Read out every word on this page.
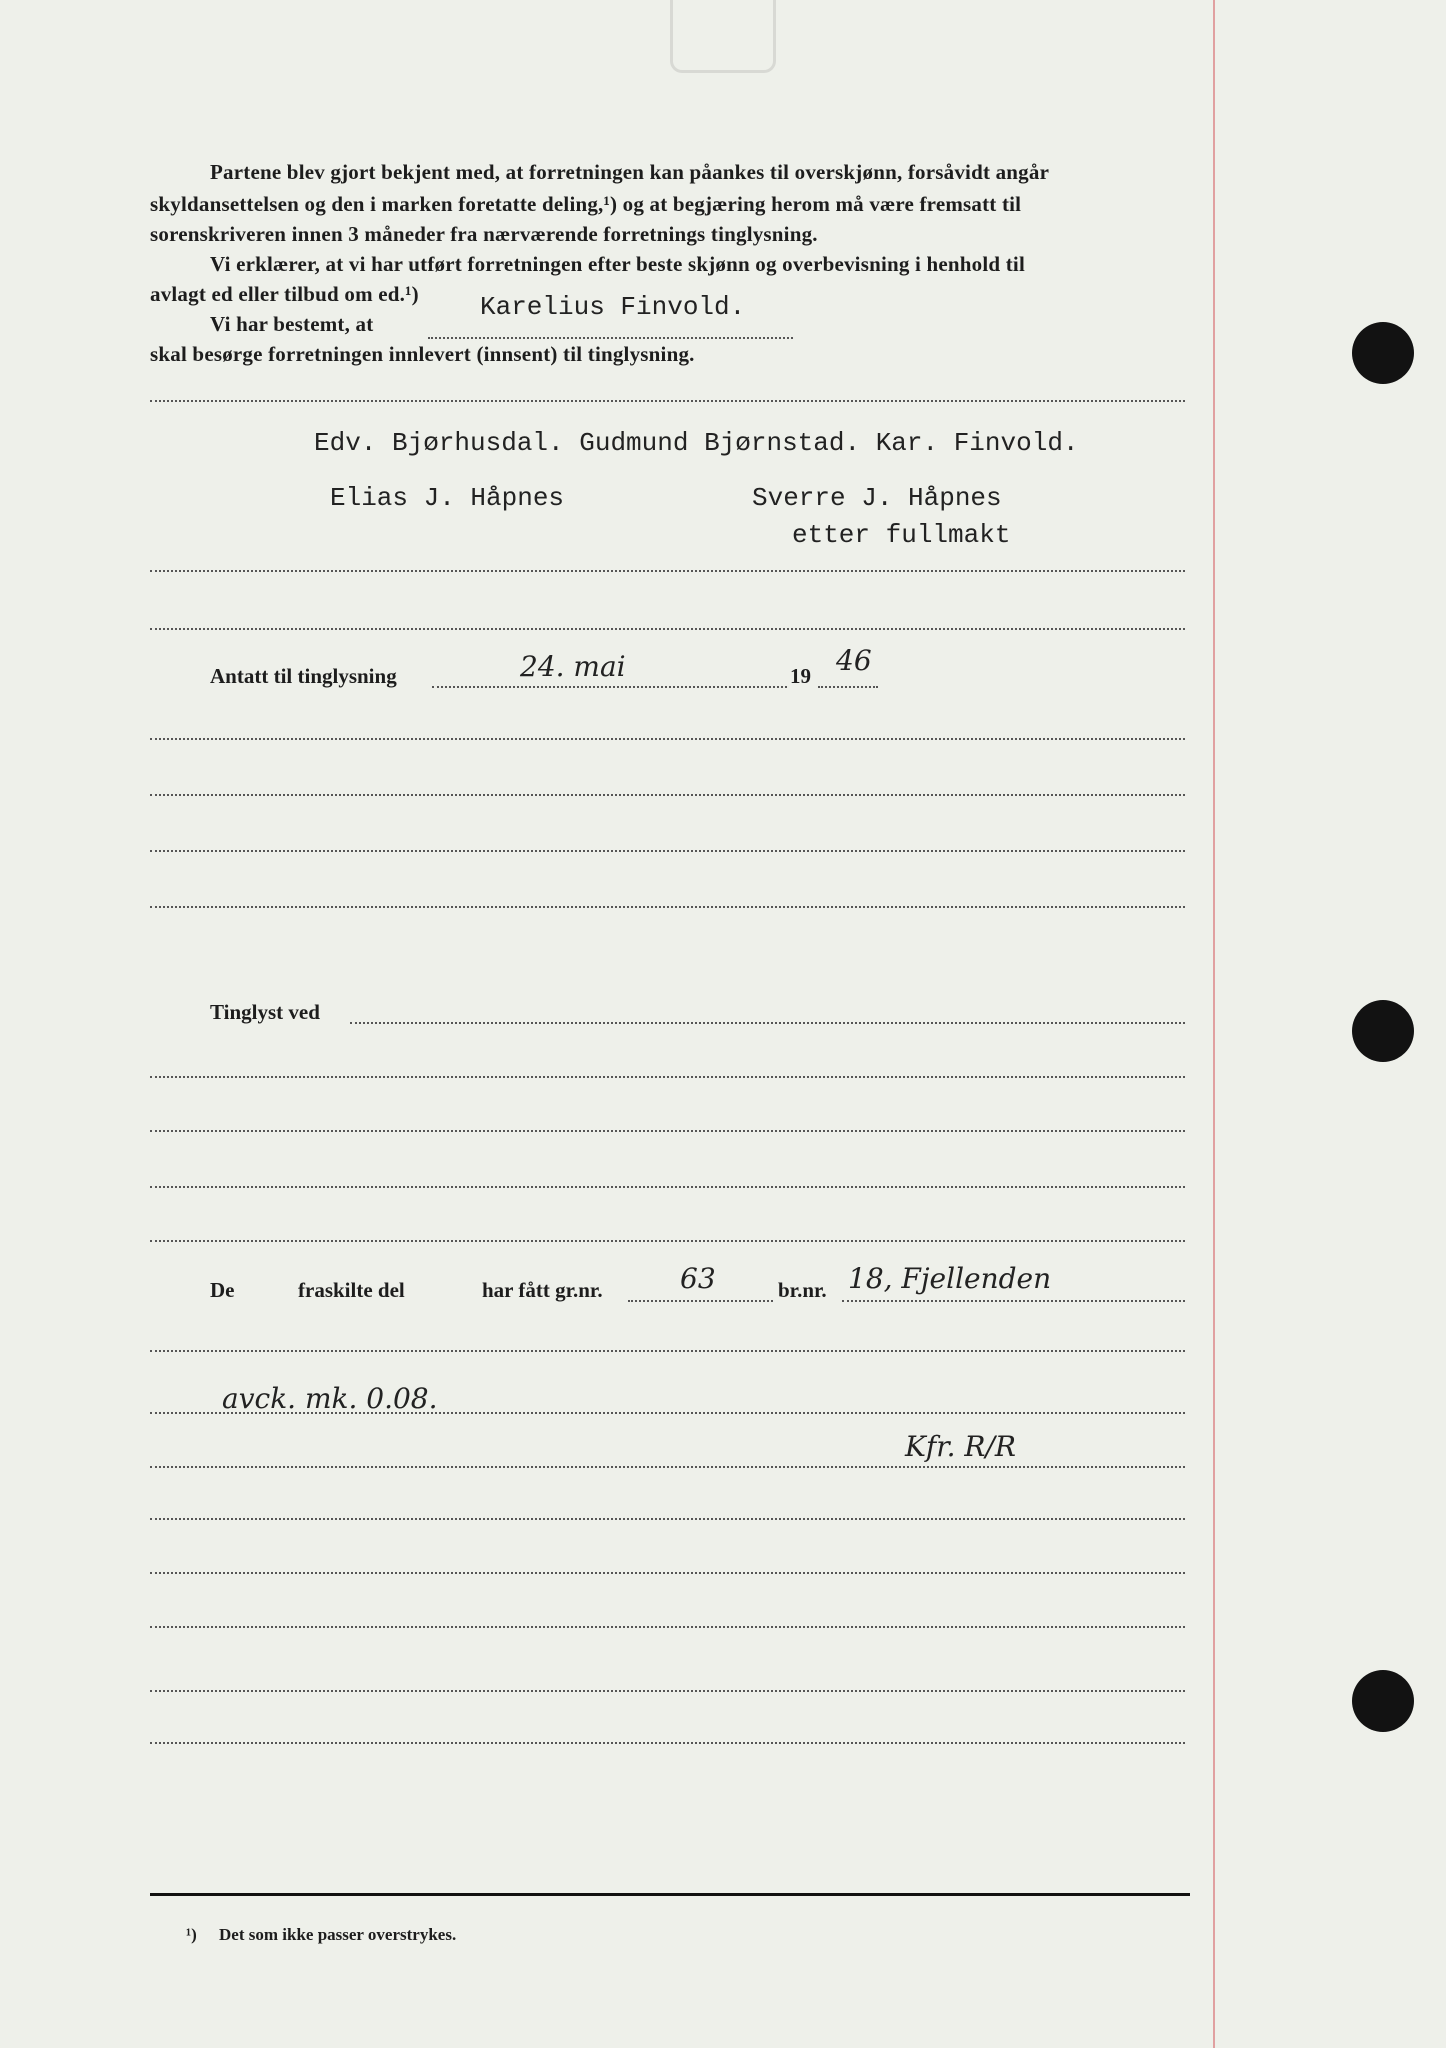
Partene blev gjort bekjent med, at forretningen kan påankes til overskjønn, forsåvidt angår
skyldansettelsen og den i marken foretatte deling,¹) og at begjæring herom må være fremsatt til
sorenskriveren innen 3 måneder fra nærværende forretnings tinglysning.
Vi erklærer, at vi har utført forretningen efter beste skjønn og overbevisning i henhold til
avlagt ed eller tilbud om ed.¹)
Vi har bestemt, at
Karelius Finvold.
skal besørge forretningen innlevert (innsent) til tinglysning.
Edv. Bjørhusdal. Gudmund Bjørnstad. Kar. Finvold.
Elias J. Håpnes	Sverre J. Håpnes
etter fullmakt
Antatt til tinglysning	24. mai	19 46
Tinglyst ved
De	fraskilte del	har fått gr.nr.	63	br.nr. 18, Fjellenden
avck. mk. 0.08.
Kfr. R/R
¹) Det som ikke passer overstrykes.
